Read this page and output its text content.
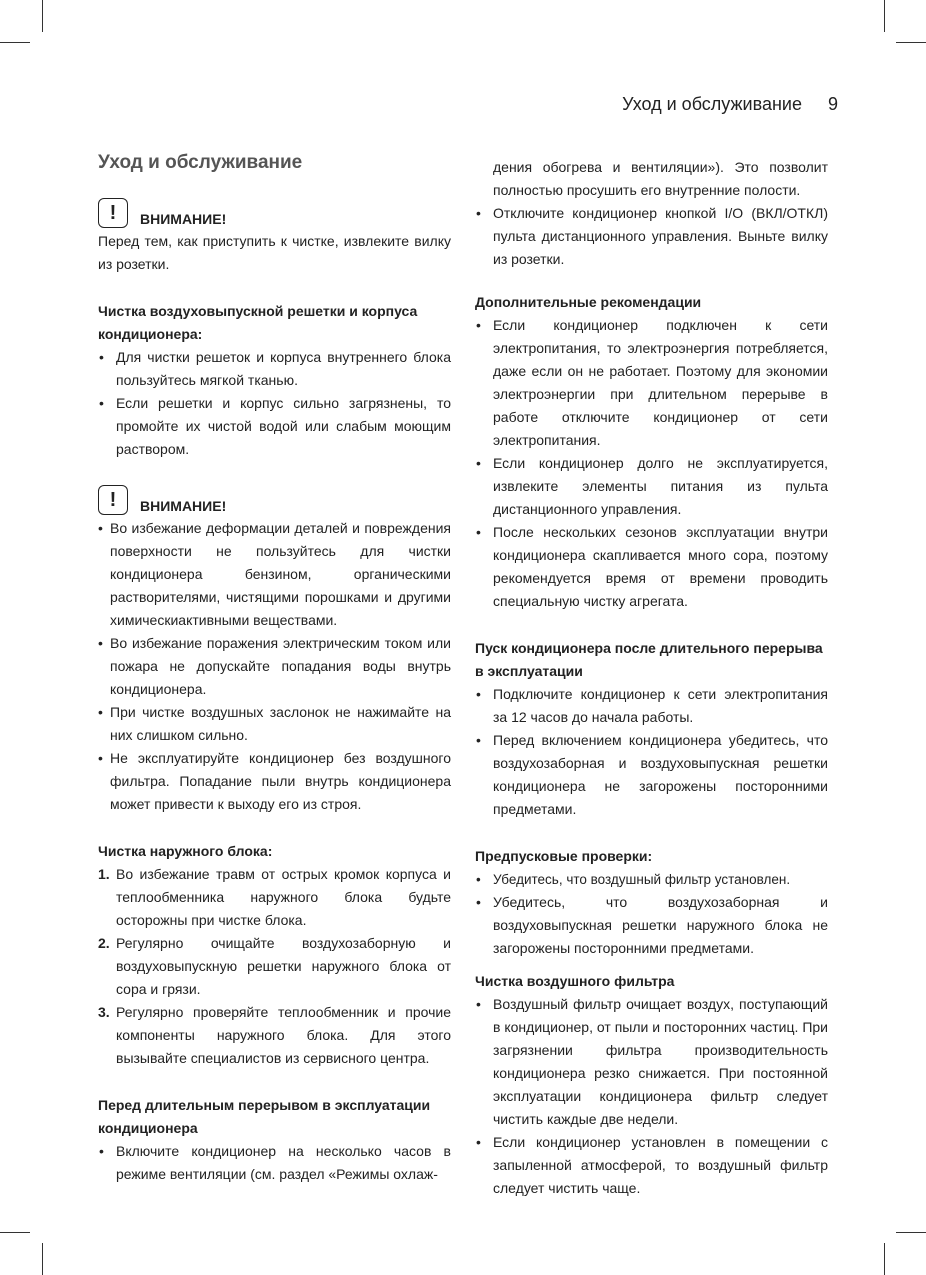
Уход и обслуживание 9
Уход и обслуживание
!	ВНИМАНИЕ!

Перед тем, как приступить к чистке, извлеките вилку из розетки.

Чистка воздуховыпускной решетки и корпуса кондиционера:
• Для чистки решеток и корпуса внутреннего блока пользуйтесь мягкой тканью.
• Если решетки и корпус сильно загрязнены, то промойте их чистой водой или слабым моющим раствором.
!	ВНИМАНИЕ!
• Во избежание деформации деталей и повреждения поверхности не пользуйтесь для чистки кондиционера бензином, органическими растворителями, чистящими порошками и другими химическиактивными веществами.
• Во избежание поражения электрическим током или пожара не допускайте попадания воды внутрь кондиционера.
• При чистке воздушных заслонок не нажимайте на них слишком сильно.
• Не эксплуатируйте кондиционер без воздушного фильтра. Попадание пыли внутрь кондиционера может привести к выходу его из строя.
Чистка наружного блока:
1. Во избежание травм от острых кромок корпуса и теплообменника наружного блока будьте осторожны при чистке блока.
2. Регулярно очищайте воздухозаборную и воздуховыпускную решетки наружного блока от сора и грязи.
3. Регулярно проверяйте теплообменник и прочие компоненты наружного блока. Для этого вызывайте специалистов из сервисного центра.
Перед длительным перерывом в эксплуатации кондиционера
• Включите кондиционер на несколько часов в режиме вентиляции (см. раздел «Режимы охлаж-

дения обогрева и вентиляции»). Это позволит полностью просушить его внутренние полости.

• Отключите кондиционер кнопкой I/O (ВКЛ/ОТКЛ) пульта дистанционного управления. Выньте вилку из розетки.
Дополнительные рекомендации
• Если кондиционер подключен к сети электропитания, то электроэнергия потребляется, даже если он не работает. Поэтому для экономии электроэнергии при длительном перерыве в работе отключите кондиционер от сети электропитания.
• Если кондиционер долго не эксплуатируется, извлеките элементы питания из пульта дистанционного управления.
• После нескольких сезонов эксплуатации внутри кондиционера скапливается много сора, поэтому рекомендуется время от времени проводить специальную чистку агрегата.
Пуск кондиционера после длительного перерыва в эксплуатации
• Подключите кондиционер к сети электропитания за 12 часов до начала работы.
• Перед включением кондиционера убедитесь, что воздухозаборная и воздуховыпускная решетки кондиционера не загорожены посторонними предметами.
Предпусковые проверки:
• Убедитесь, что воздушный фильтр установлен.
• Убедитесь, что воздухозаборная и воздуховыпускная решетки наружного блока не загорожены посторонними предметами.
Чистка воздушного фильтра
• Воздушный фильтр очищает воздух, поступающий в кондиционер, от пыли и посторонних частиц. При загрязнении фильтра производительность кондиционера резко снижается. При постоянной эксплуатации кондиционера фильтр следует чистить каждые две недели.
• Если кондиционер установлен в помещении с запыленной атмосферой, то воздушный фильтр следует чистить чаще.
